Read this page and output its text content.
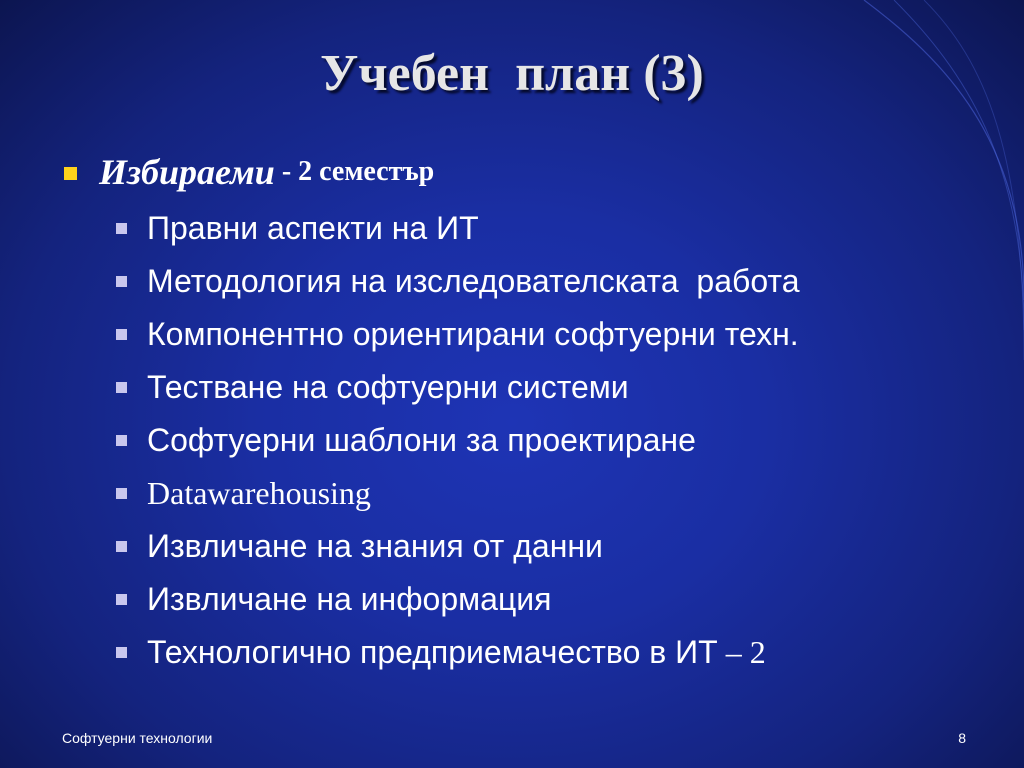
Учебен  план (3)
Избираеми - 2 семестър
Правни аспекти на ИТ
Методология на изследователската  работа
Компонентно ориентирани софтуерни техн.
Тестване на софтуерни системи
Софтуерни шаблони за проектиране
Datawarehousing
Извличане на знания от данни
Извличане на информация
Технологично предприемачество в ИТ – 2
Софтуерни технологии	8
